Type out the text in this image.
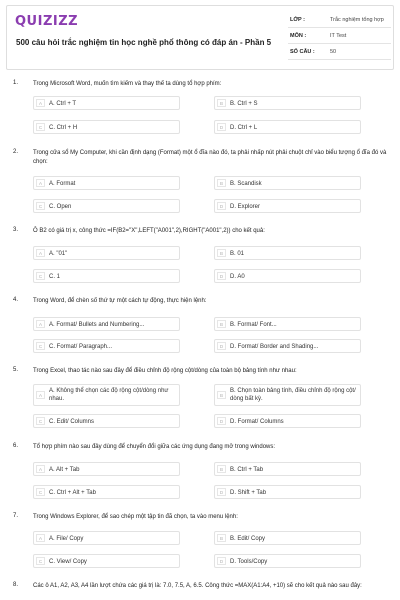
QUIZIZZ
500 câu hỏi trắc nghiệm tin học nghề phổ thông có đáp án - Phần 5
LỚP :	Trắc nghiệm tổng hợp
MÔN :	IT Test
SỐ CÂU :	50
1. Trong Microsoft Word, muốn tìm kiếm và thay thế ta dùng tổ hợp phím:
A	A. Ctrl + T	B	B. Ctrl + S
C	C. Ctrl + H	D	D. Ctrl + L
2. Trong cửa sổ My Computer, khi cần định dạng (Format) một ổ đĩa nào đó, ta phải nhấp nút phải chuột chỉ vào biểu tượng ổ đĩa đó và chọn:
A	A. Format	B	B. Scandisk
C	C. Open	D	D. Explorer
3. Ô B2 có giá trị x, công thức =IF(B2="X",LEFT("A001",2),RIGHT("A001",2)) cho kết quả:
A	A. "01"	B	B. 01
C	C. 1	D	D. A0
4. Trong Word, để chèn số thứ tự một cách tự động, thực hiện lệnh:
A	A. Format/ Bullets and Numbering...	B	B. Format/ Font...
C	C. Format/ Paragraph...	D	D. Format/ Border and Shading...
5. Trong Excel, thao tác nào sau đây để điều chỉnh độ rộng cột/dòng của toàn bộ bảng tính như nhau:
A
A. Không thể chọn các độ rộng cột/dòng như nhau.
B
B. Chọn toàn bảng tính, điều chỉnh độ rộng cột/ dòng bất kỳ.
C	C. Edit/ Columns	D	D. Format/ Columns
6. Tổ hợp phím nào sau đây dùng để chuyển đổi giữa các ứng dụng đang mở trong windows:
A	A. Alt + Tab	B	B. Ctrl + Tab
C	C. Ctrl + Alt + Tab	D	D. Shift + Tab
7. Trong Windows Explorer, để sao chép một tập tin đã chọn, ta vào menu lệnh:
A	A. File/ Copy	B	B. Edit/ Copy
C	C. View/ Copy	D	D. Tools/Copy
8. Các ô A1, A2, A3, A4 lần lượt chứa các giá trị là: 7.0, 7.5, A, 6.5. Công thức =MAX(A1:A4, +10) sẽ cho kết quả nào sau đây:
